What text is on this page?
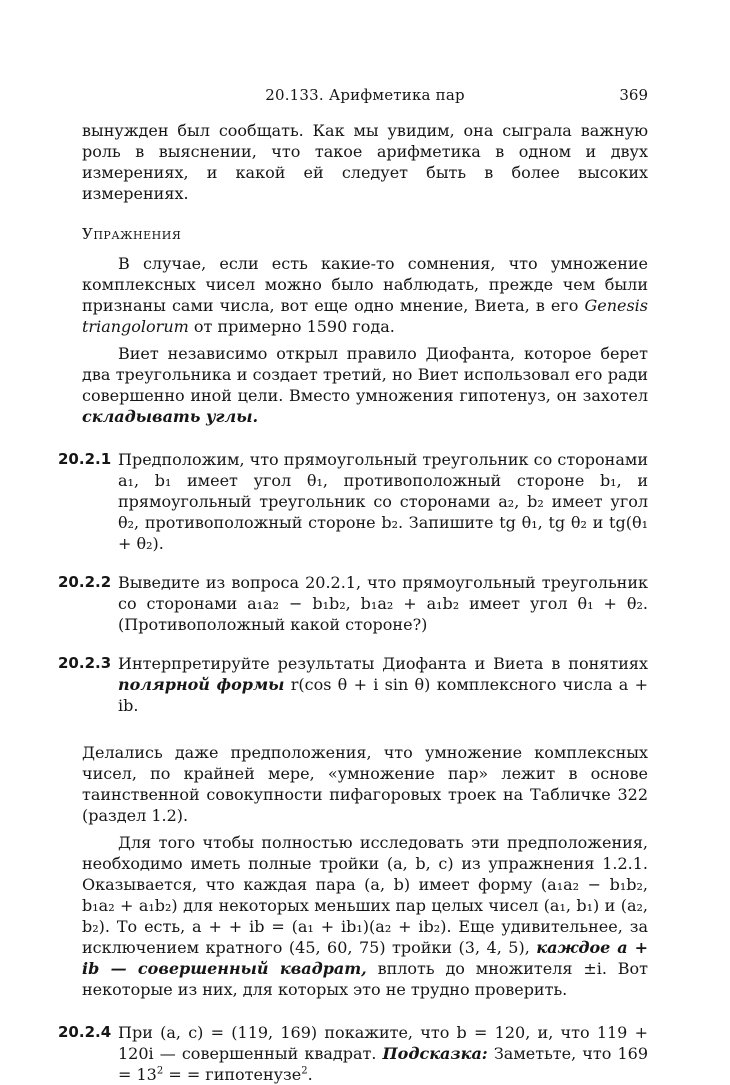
20.133. Арифметика пар	369

вынужден был сообщать. Как мы увидим, она сыграла важную роль в выяснении, что такое арифметика в одном и двух измерениях, и какой ей следует быть в более высоких измерениях.

Упражнения

В случае, если есть какие-то сомнения, что умножение комплексных чисел можно было наблюдать, прежде чем были признаны сами числа, вот еще одно мнение, Виета, в его Genesis triangolorum от примерно 1590 года.

Виет независимо открыл правило Диофанта, которое берет два треугольника и создает третий, но Виет использовал его ради совершенно иной цели. Вместо умножения гипотенуз, он захотел складывать углы.

20.2.1 Предположим, что прямоугольный треугольник со сторонами a₁, b₁ имеет угол θ₁, противоположный стороне b₁, и прямоугольный треугольник со сторонами a₂, b₂ имеет угол θ₂, противоположный стороне b₂. Запишите tg θ₁, tg θ₂ и tg(θ₁ + θ₂).

20.2.2 Выведите из вопроса 20.2.1, что прямоугольный треугольник со сторонами a₁a₂ − b₁b₂, b₁a₂ + a₁b₂ имеет угол θ₁ + θ₂. (Противоположный какой стороне?)

20.2.3 Интерпретируйте результаты Диофанта и Виета в понятиях полярной формы r(cos θ + i sin θ) комплексного числа a + ib.

Делались даже предположения, что умножение комплексных чисел, по крайней мере, «умножение пар» лежит в основе таинственной совокупности пифагоровых троек на Табличке 322 (раздел 1.2).

Для того чтобы полностью исследовать эти предположения, необходимо иметь полные тройки (a, b, c) из упражнения 1.2.1. Оказывается, что каждая пара (a, b) имеет форму (a₁a₂ − b₁b₂, b₁a₂ + a₁b₂) для некоторых меньших пар целых чисел (a₁, b₁) и (a₂, b₂). То есть, a + + ib = (a₁ + ib₁)(a₂ + ib₂). Еще удивительнее, за исключением кратного (45, 60, 75) тройки (3, 4, 5), каждое a + ib — совершенный квадрат, вплоть до множителя ±i. Вот некоторые из них, для которых это не трудно проверить.

20.2.4 При (a, c) = (119, 169) покажите, что b = 120, и, что 119 + 120i — совершенный квадрат. Подсказка: Заметьте, что $169 = 13^2$ = = гипотенузе$^2$.
